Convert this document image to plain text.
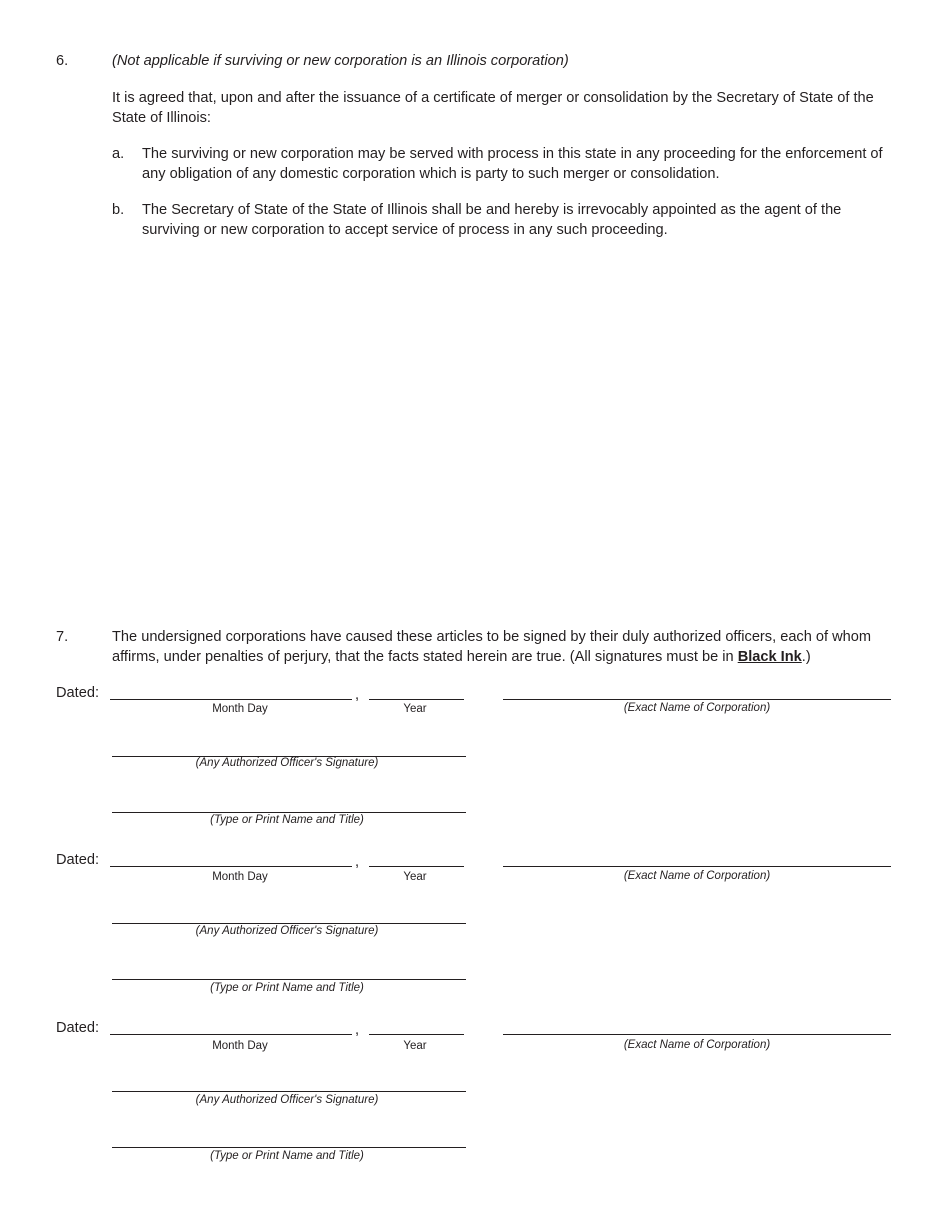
6.	(Not applicable if surviving or new corporation is an Illinois corporation)
It is agreed that, upon and after the issuance of a certificate of merger or consolidation by the Secretary of State of the State of Illinois:
a. The surviving or new corporation may be served with process in this state in any proceeding for the enforcement of any obligation of any domestic corporation which is party to such merger or consolidation.
b. The Secretary of State of the State of Illinois shall be and hereby is irrevocably appointed as the agent of the surviving or new corporation to accept service of process in any such proceeding.
7.	The undersigned corporations have caused these articles to be signed by their duly authorized officers, each of whom affirms, under penalties of perjury, that the facts stated herein are true. (All signatures must be in Black Ink.)
Dated:	,
Month Day	Year	(Exact Name of Corporation)
(Any Authorized Officer's Signature)
(Type or Print Name and Title)
Dated:	,
Month Day	Year	(Exact Name of Corporation)
(Any Authorized Officer's Signature)
(Type or Print Name and Title)
Dated:	,
Month Day	Year	(Exact Name of Corporation)
(Any Authorized Officer's Signature)
(Type or Print Name and Title)
